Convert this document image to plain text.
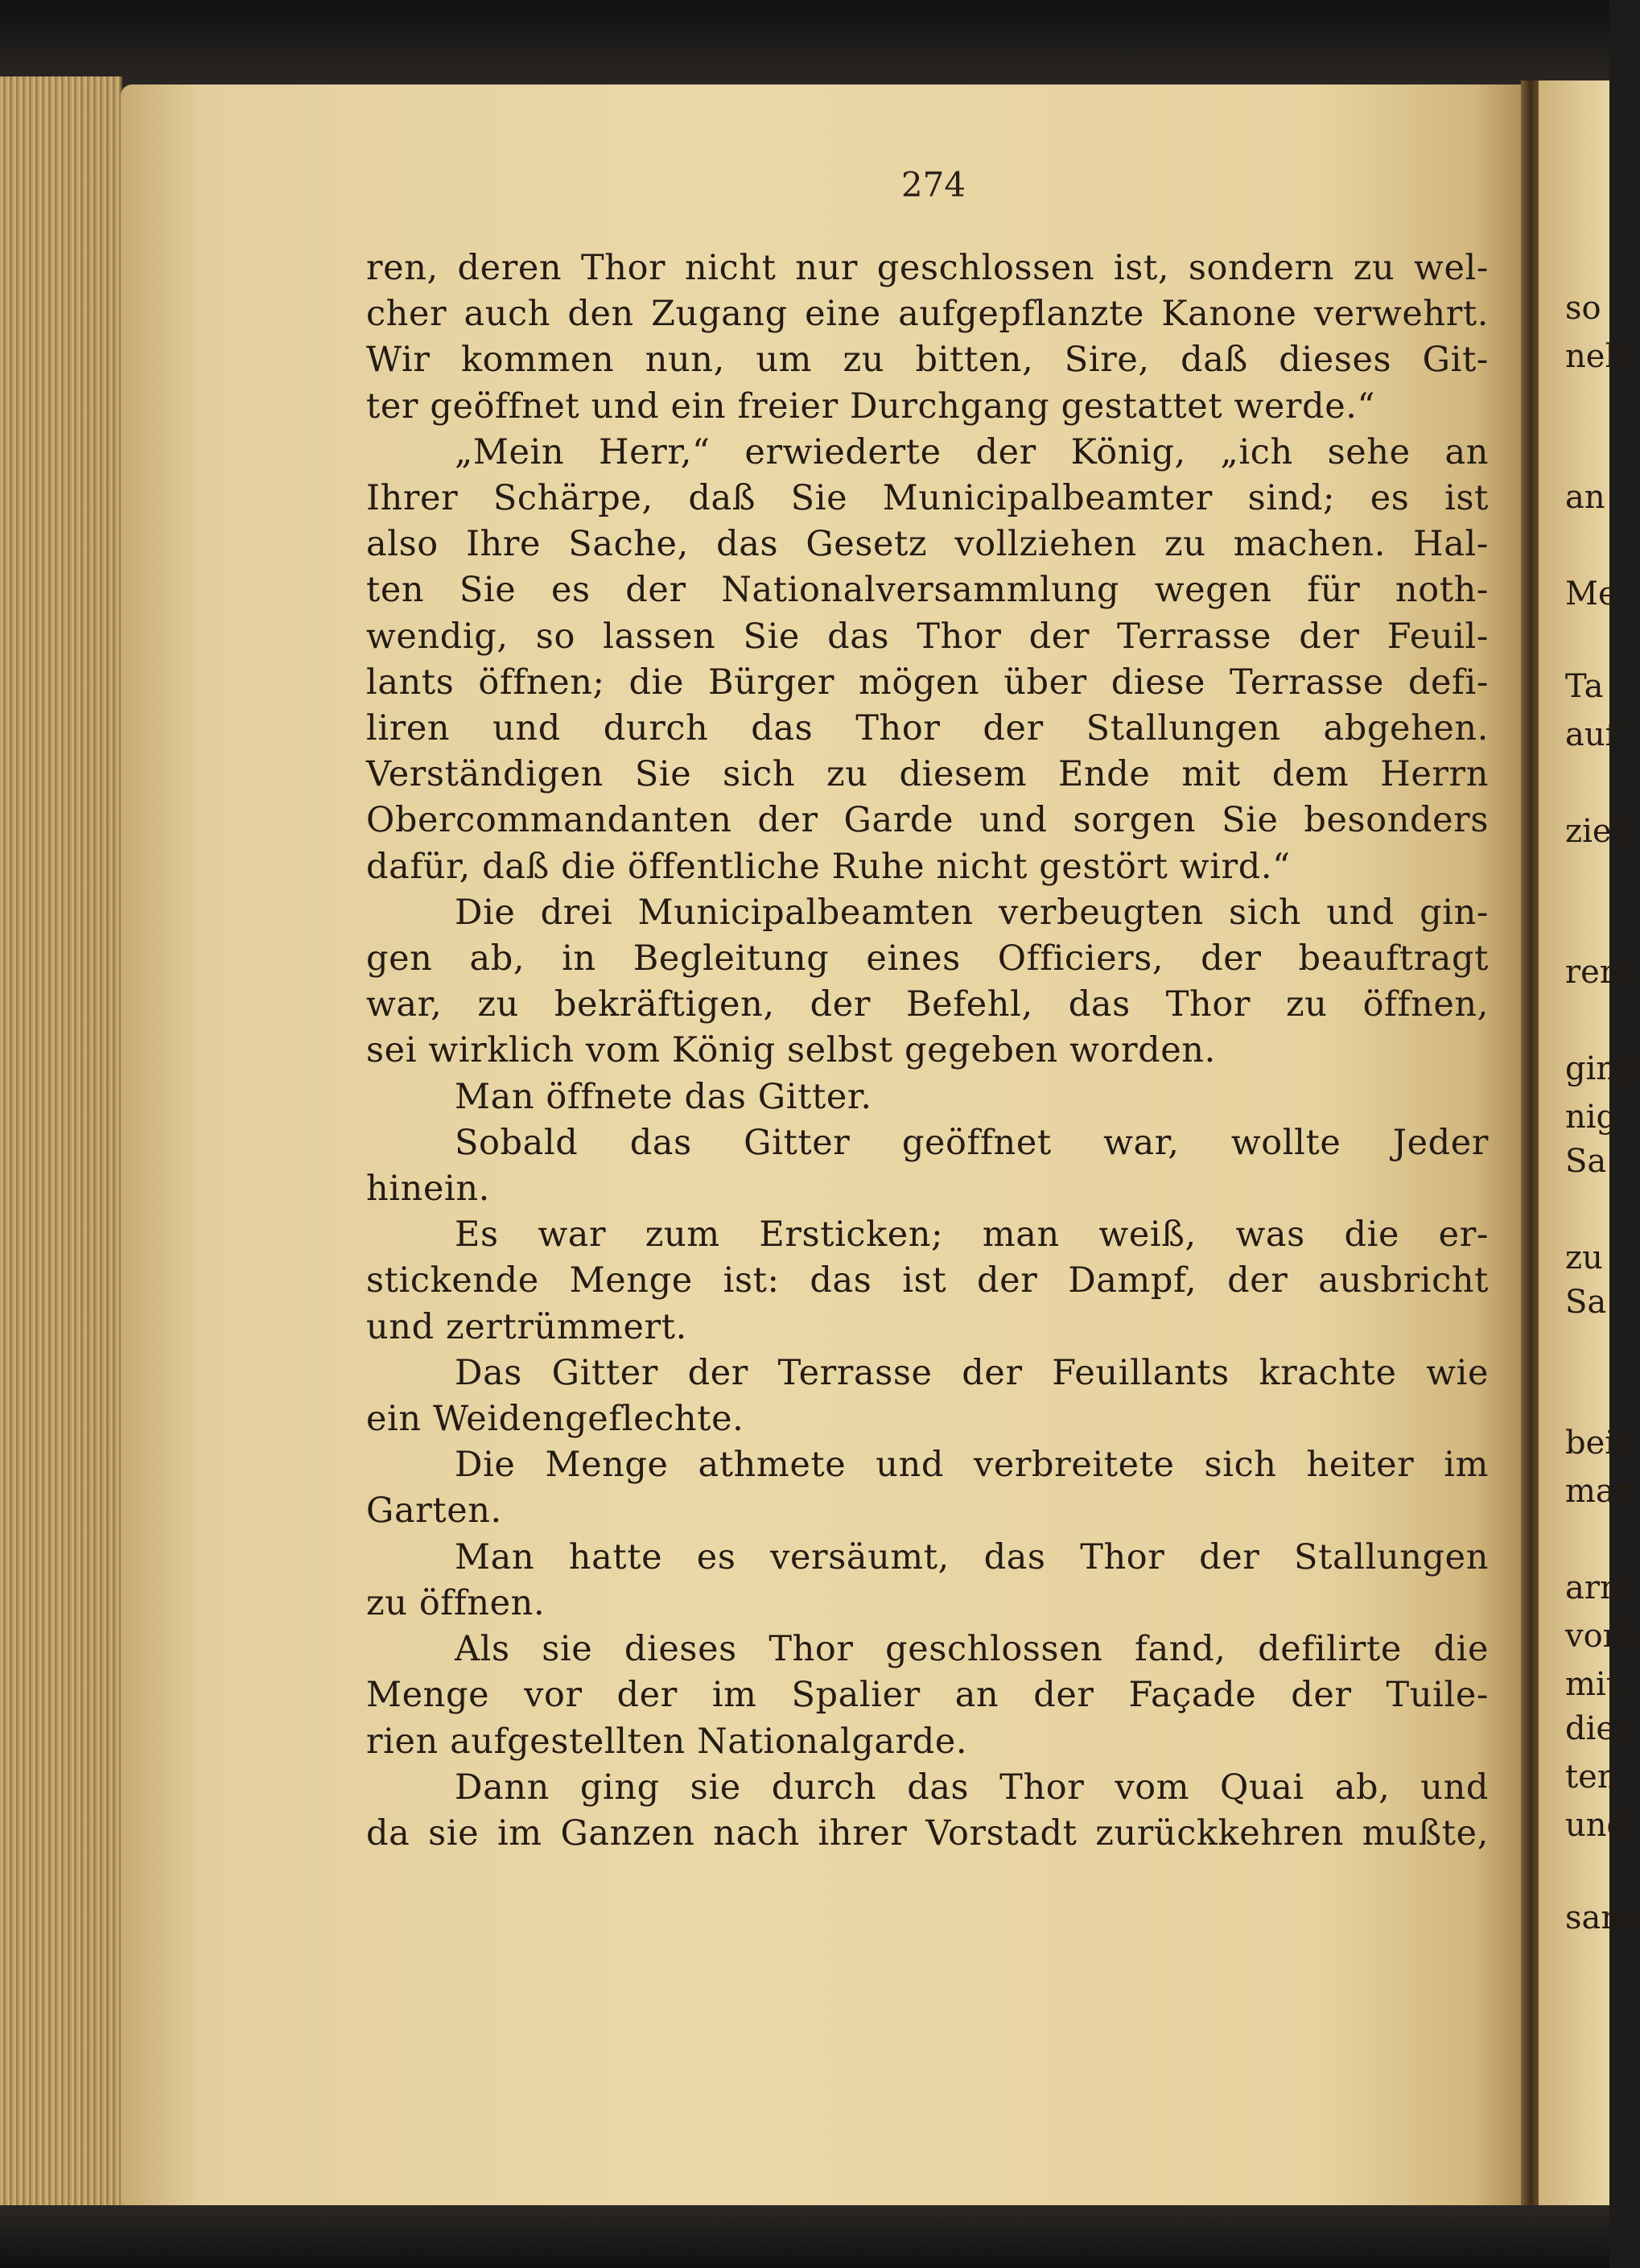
274
ren, deren Thor nicht nur geschlossen ist, sondern zu wel-
cher auch den Zugang eine aufgepflanzte Kanone verwehrt.
Wir kommen nun, um zu bitten, Sire, daß dieses Git-
ter geöffnet und ein freier Durchgang gestattet werde.“
„Mein Herr,“ erwiederte der König, „ich sehe an
Ihrer Schärpe, daß Sie Municipalbeamter sind; es ist
also Ihre Sache, das Gesetz vollziehen zu machen. Hal-
ten Sie es der Nationalversammlung wegen für noth-
wendig, so lassen Sie das Thor der Terrasse der Feuil-
lants öffnen; die Bürger mögen über diese Terrasse defi-
liren und durch das Thor der Stallungen abgehen.
Verständigen Sie sich zu diesem Ende mit dem Herrn
Obercommandanten der Garde und sorgen Sie besonders
dafür, daß die öffentliche Ruhe nicht gestört wird.“
Die drei Municipalbeamten verbeugten sich und gin-
gen ab, in Begleitung eines Officiers, der beauftragt
war, zu bekräftigen, der Befehl, das Thor zu öffnen,
sei wirklich vom König selbst gegeben worden.
Man öffnete das Gitter.
Sobald das Gitter geöffnet war, wollte Jeder
hinein.
Es war zum Ersticken; man weiß, was die er-
stickende Menge ist: das ist der Dampf, der ausbricht
und zertrümmert.
Das Gitter der Terrasse der Feuillants krachte wie
ein Weidengeflechte.
Die Menge athmete und verbreitete sich heiter im
Garten.
Man hatte es versäumt, das Thor der Stallungen
zu öffnen.
Als sie dieses Thor geschlossen fand, defilirte die
Menge vor der im Spalier an der Façade der Tuile-
rien aufgestellten Nationalgarde.
Dann ging sie durch das Thor vom Quai ab, und
da sie im Ganzen nach ihrer Vorstadt zurückkehren mußte,
so
neh
an
Me
Ta
auf
zieh
rern
ging
nig
Sa
zu
Sa
beit
man
arm
vorb
mit
dies
ten
und
sanc
